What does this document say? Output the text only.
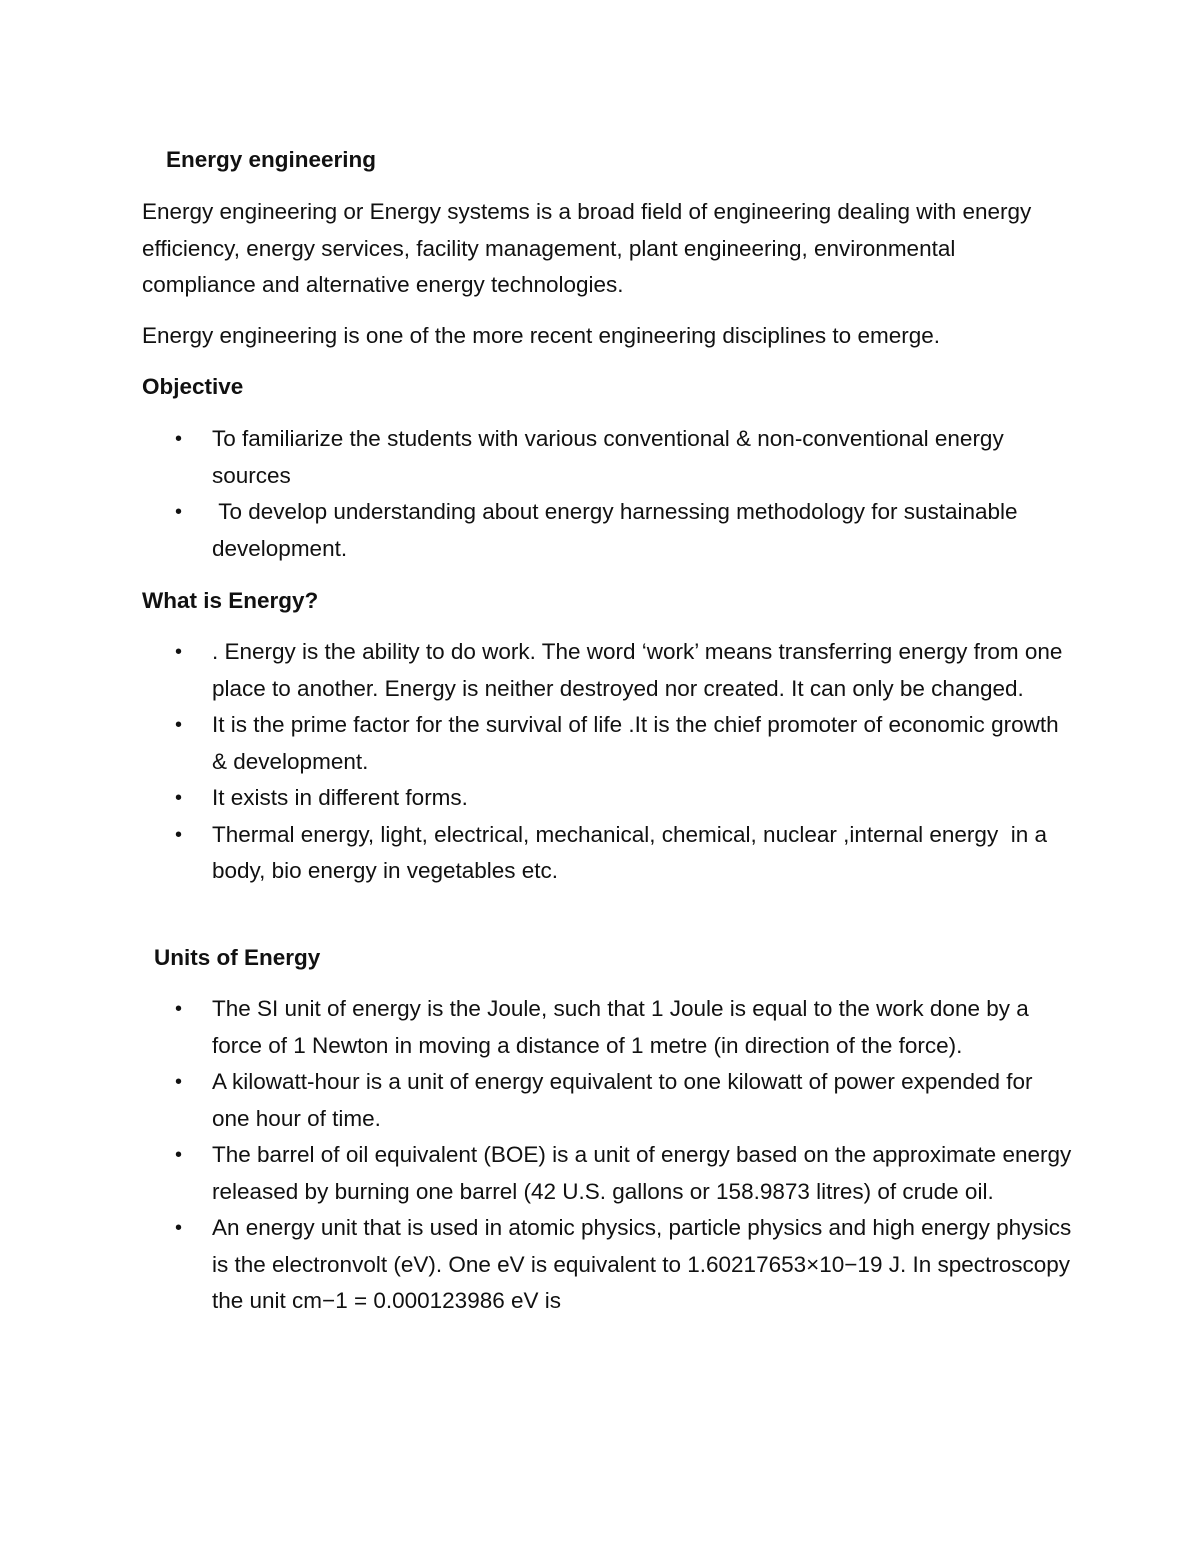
Energy engineering

Energy engineering or Energy systems is a broad field of engineering dealing with energy efficiency, energy services, facility management, plant engineering, environmental compliance and alternative energy technologies.

Energy engineering is one of the more recent engineering disciplines to emerge.

Objective
• To familiarize the students with various conventional & non-conventional energy sources
• To develop understanding about energy harnessing methodology for sustainable development.
What is Energy?
• . Energy is the ability to do work. The word ‘work’ means transferring energy from one place to another. Energy is neither destroyed nor created. It can only be changed.
• It is the prime factor for the survival of life .It is the chief promoter of economic growth & development.
• It exists in different forms.
• Thermal energy, light, electrical, mechanical, chemical, nuclear ,internal energy  in a body, bio energy in vegetables etc.
Units of Energy
• The SI unit of energy is the Joule, such that 1 Joule is equal to the work done by a force of 1 Newton in moving a distance of 1 metre (in direction of the force).
• A kilowatt-hour is a unit of energy equivalent to one kilowatt of power expended for one hour of time.
• The barrel of oil equivalent (BOE) is a unit of energy based on the approximate energy released by burning one barrel (42 U.S. gallons or 158.9873 litres) of crude oil.
• An energy unit that is used in atomic physics, particle physics and high energy physics is the electronvolt (eV). One eV is equivalent to 1.60217653×10−19 J. In spectroscopy the unit cm−1 = 0.000123986 eV is
